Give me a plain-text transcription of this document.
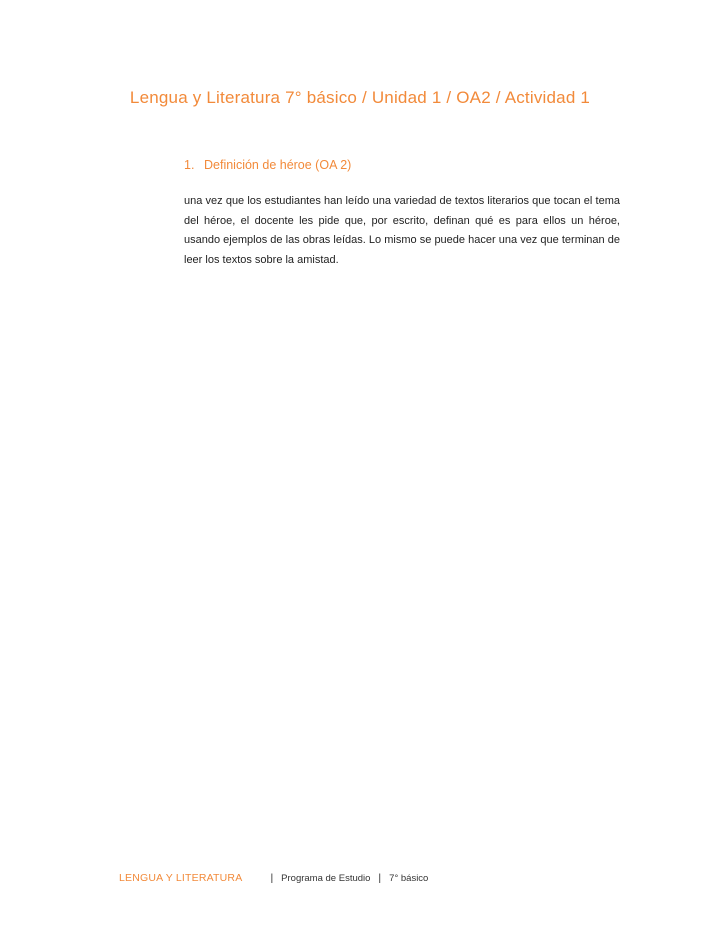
Lengua y Literatura 7° básico / Unidad 1 / OA2 / Actividad 1

1. Definición de héroe (OA 2)

una vez que los estudiantes han leído una variedad de textos literarios que tocan el tema del héroe, el docente les pide que, por escrito, definan qué es para ellos un héroe, usando ejemplos de las obras leídas. Lo mismo se puede hacer una vez que terminan de leer los textos sobre la amistad.

LENGUA Y LITERATURA	| Programa de Estudio | 7° básico
